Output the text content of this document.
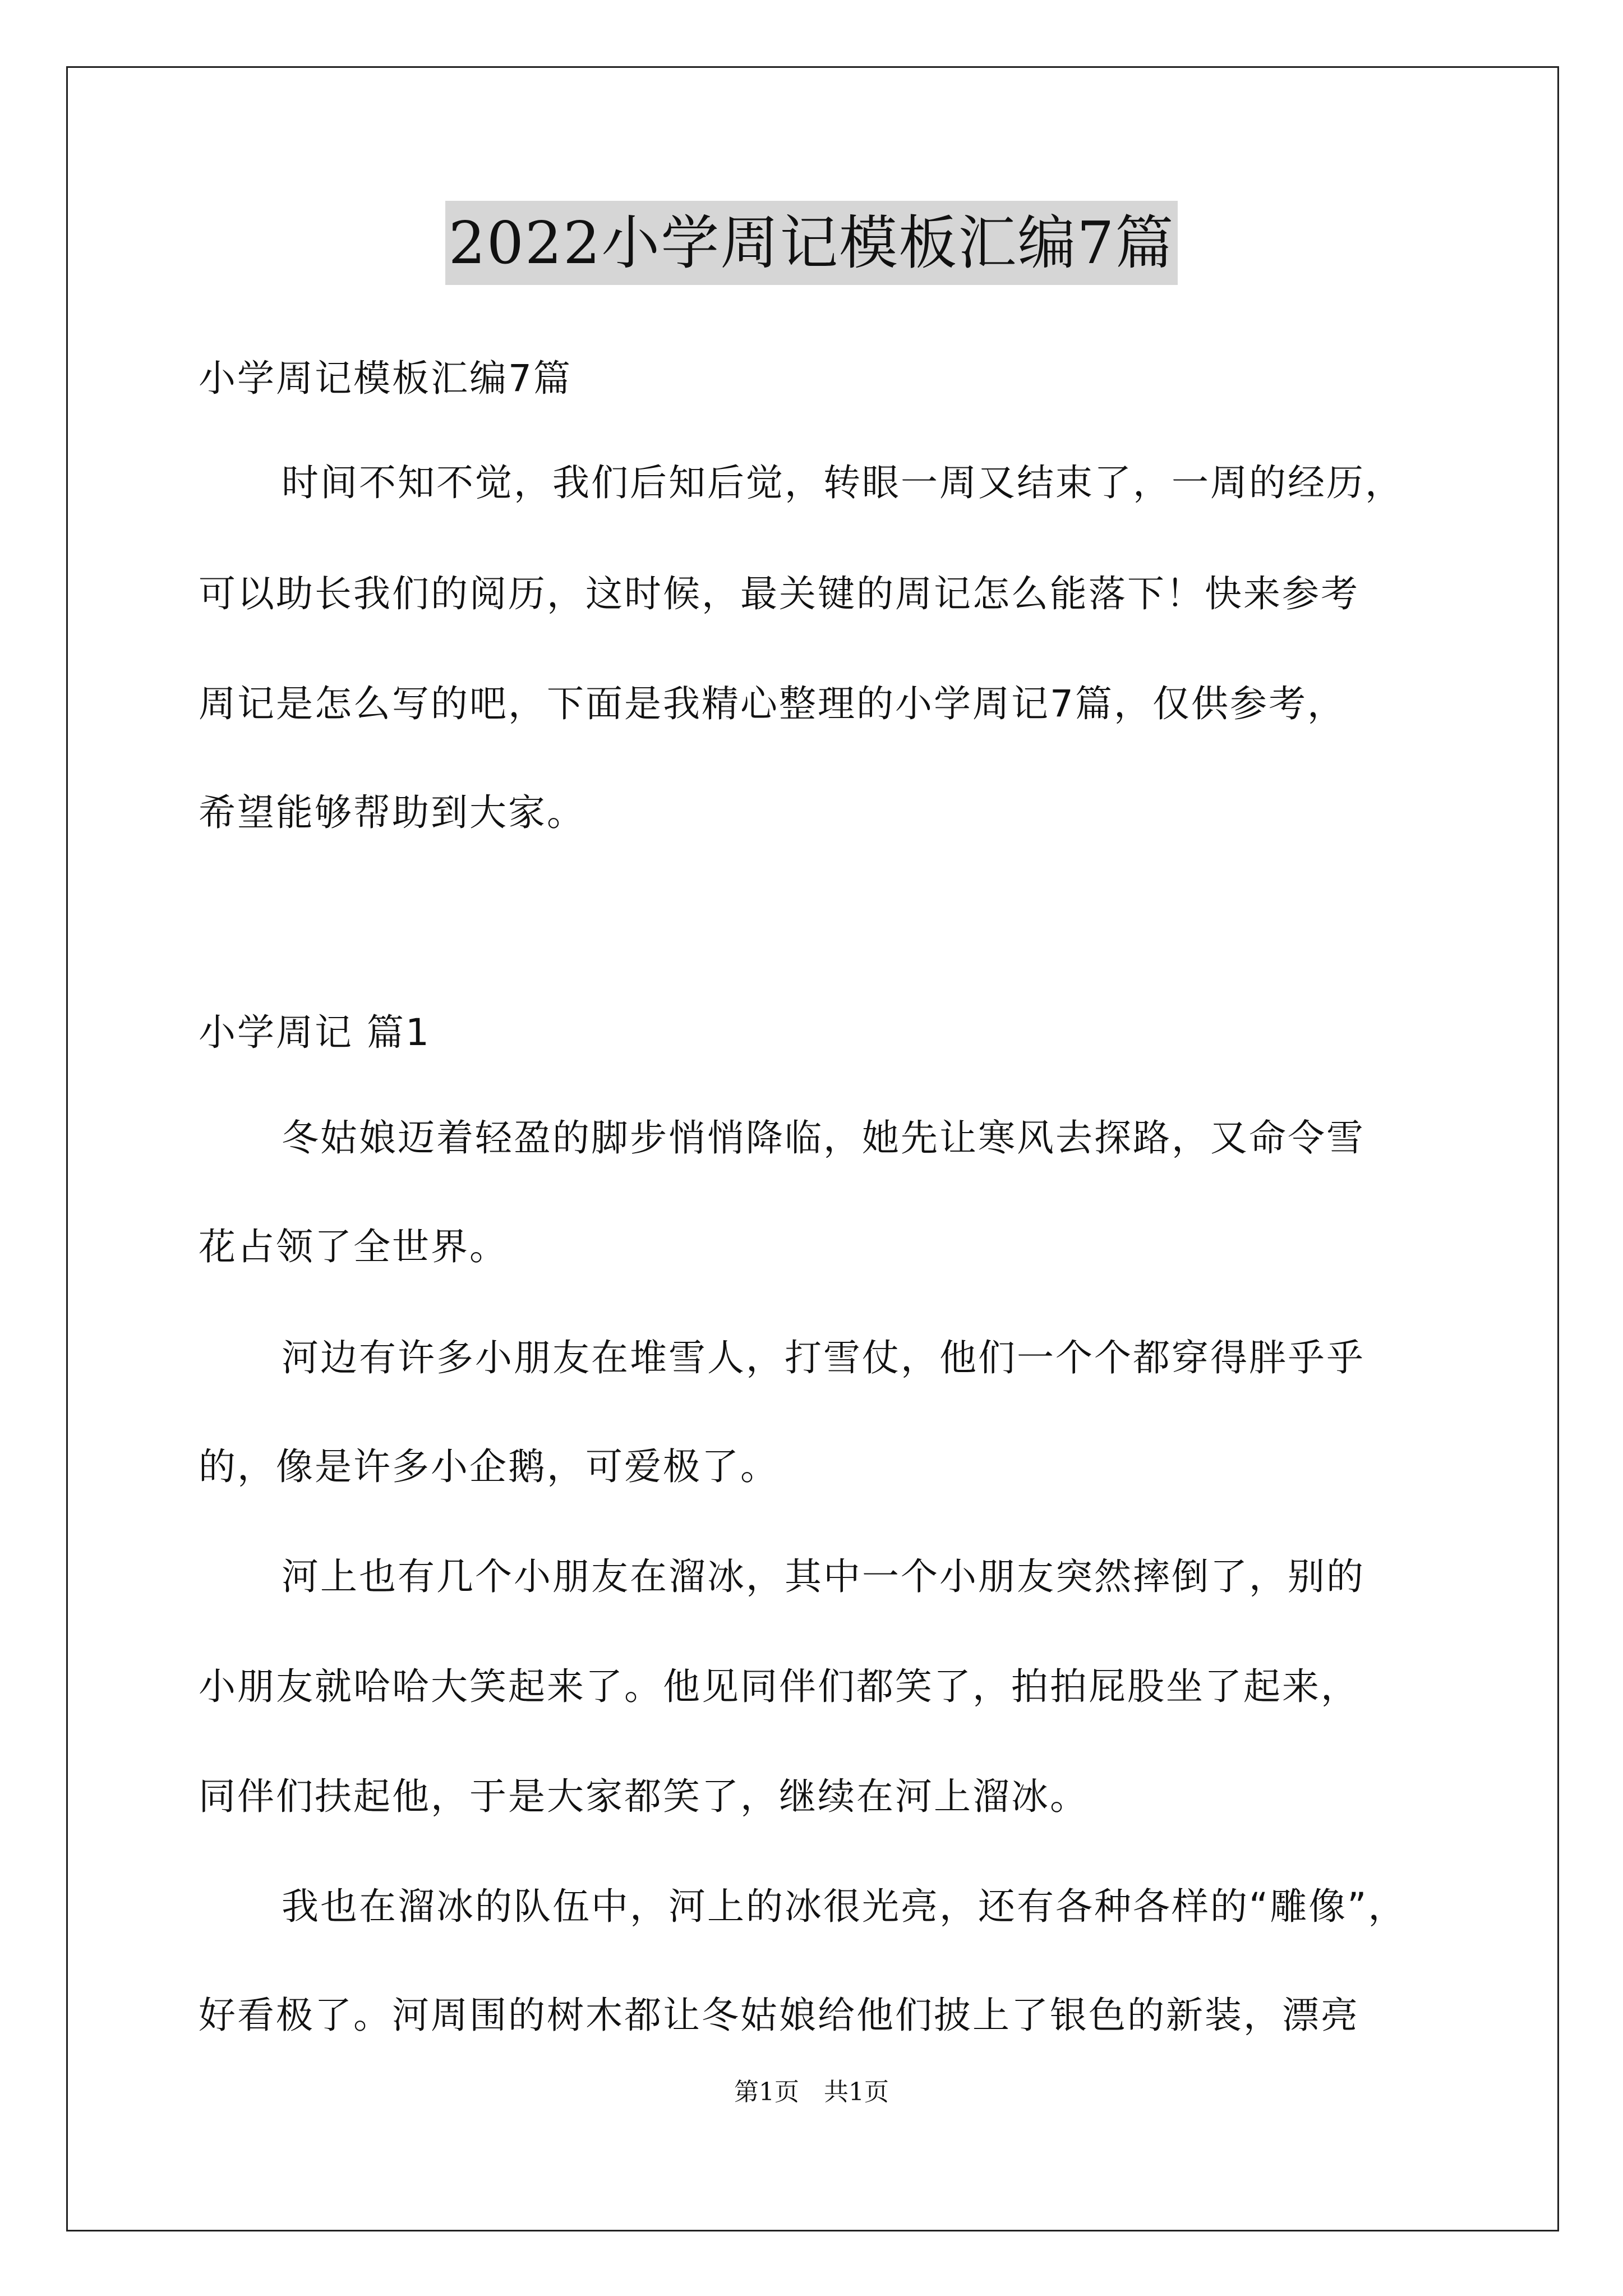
2022小学周记模板汇编7篇
小学周记模板汇编7篇
时间不知不觉，我们后知后觉，转眼一周又结束了，一周的经历，
可以助长我们的阅历，这时候，最关键的周记怎么能落下！快来参考
周记是怎么写的吧，下面是我精心整理的小学周记7篇，仅供参考，
希望能够帮助到大家。
小学周记 篇1
冬姑娘迈着轻盈的脚步悄悄降临，她先让寒风去探路，又命令雪
花占领了全世界。
河边有许多小朋友在堆雪人，打雪仗，他们一个个都穿得胖乎乎
的，像是许多小企鹅，可爱极了。
河上也有几个小朋友在溜冰，其中一个小朋友突然摔倒了，别的
小朋友就哈哈大笑起来了。他见同伴们都笑了，拍拍屁股坐了起来，
同伴们扶起他，于是大家都笑了，继续在河上溜冰。
我也在溜冰的队伍中，河上的冰很光亮，还有各种各样的“雕像”，
好看极了。河周围的树木都让冬姑娘给他们披上了银色的新装，漂亮
第1页　共1页
